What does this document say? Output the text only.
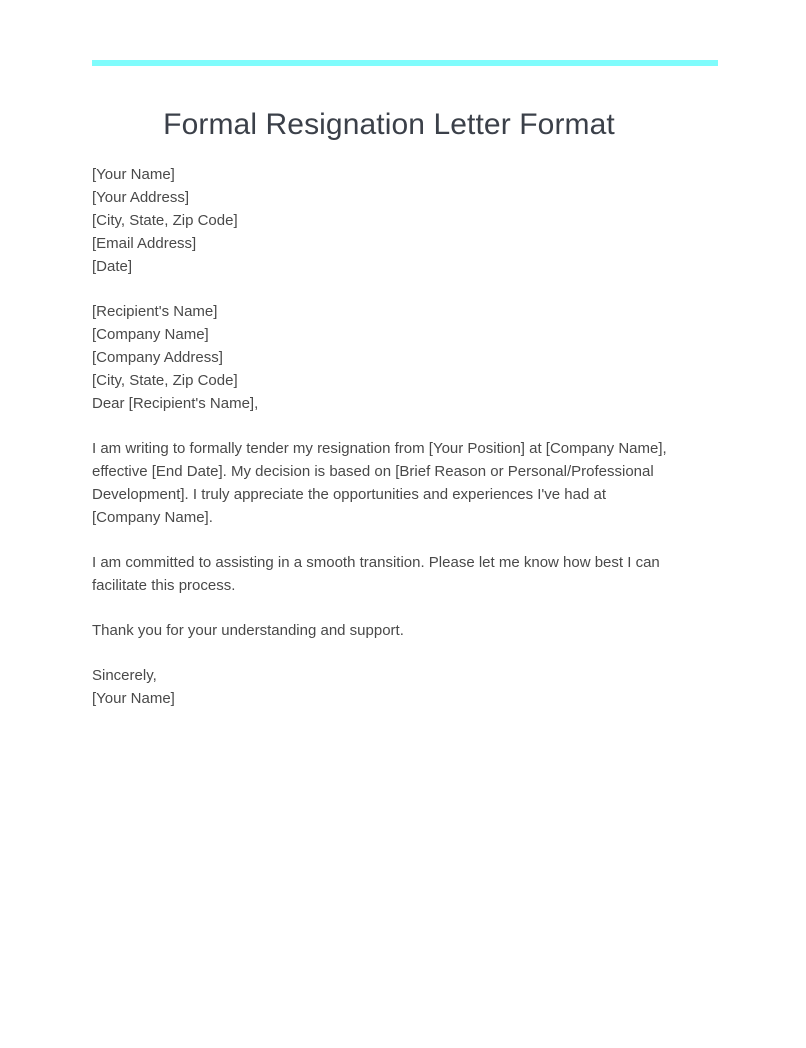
Formal Resignation Letter Format
[Your Name]
[Your Address]
[City, State, Zip Code]
[Email Address]
[Date]
[Recipient's Name]
[Company Name]
[Company Address]
[City, State, Zip Code]
Dear [Recipient's Name],

I am writing to formally tender my resignation from [Your Position] at [Company Name], effective [End Date]. My decision is based on [Brief Reason or Personal/Professional Development]. I truly appreciate the opportunities and experiences I've had at [Company Name].

I am committed to assisting in a smooth transition. Please let me know how best I can facilitate this process.

Thank you for your understanding and support.

Sincerely,
[Your Name]
